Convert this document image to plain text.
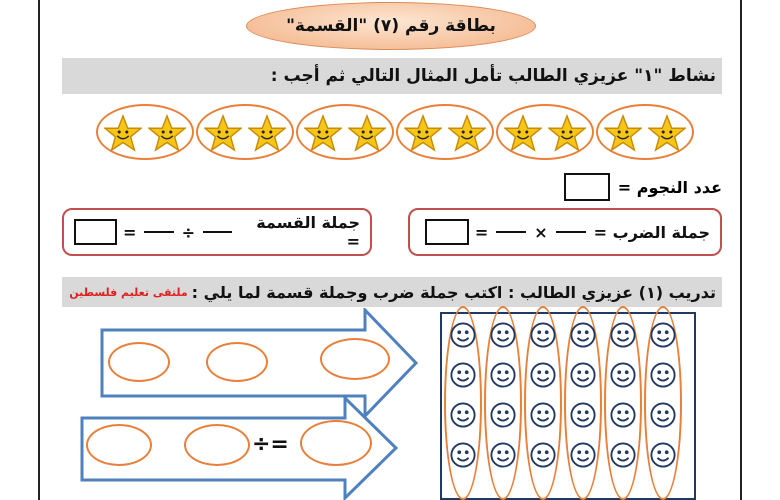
بطاقة رقم (٧) "القسمة"
نشاط "١" عزيزي الطالب تأمل المثال التالي ثم أجب :
عدد النجوم =
جملة الضرب =
×
=
جملة القسمة =
÷
=
تدريب (١) عزيزي الطالب : اكتب جملة ضرب وجملة قسمة لما يلي :
ملتقى تعليم فلسطين
÷=
